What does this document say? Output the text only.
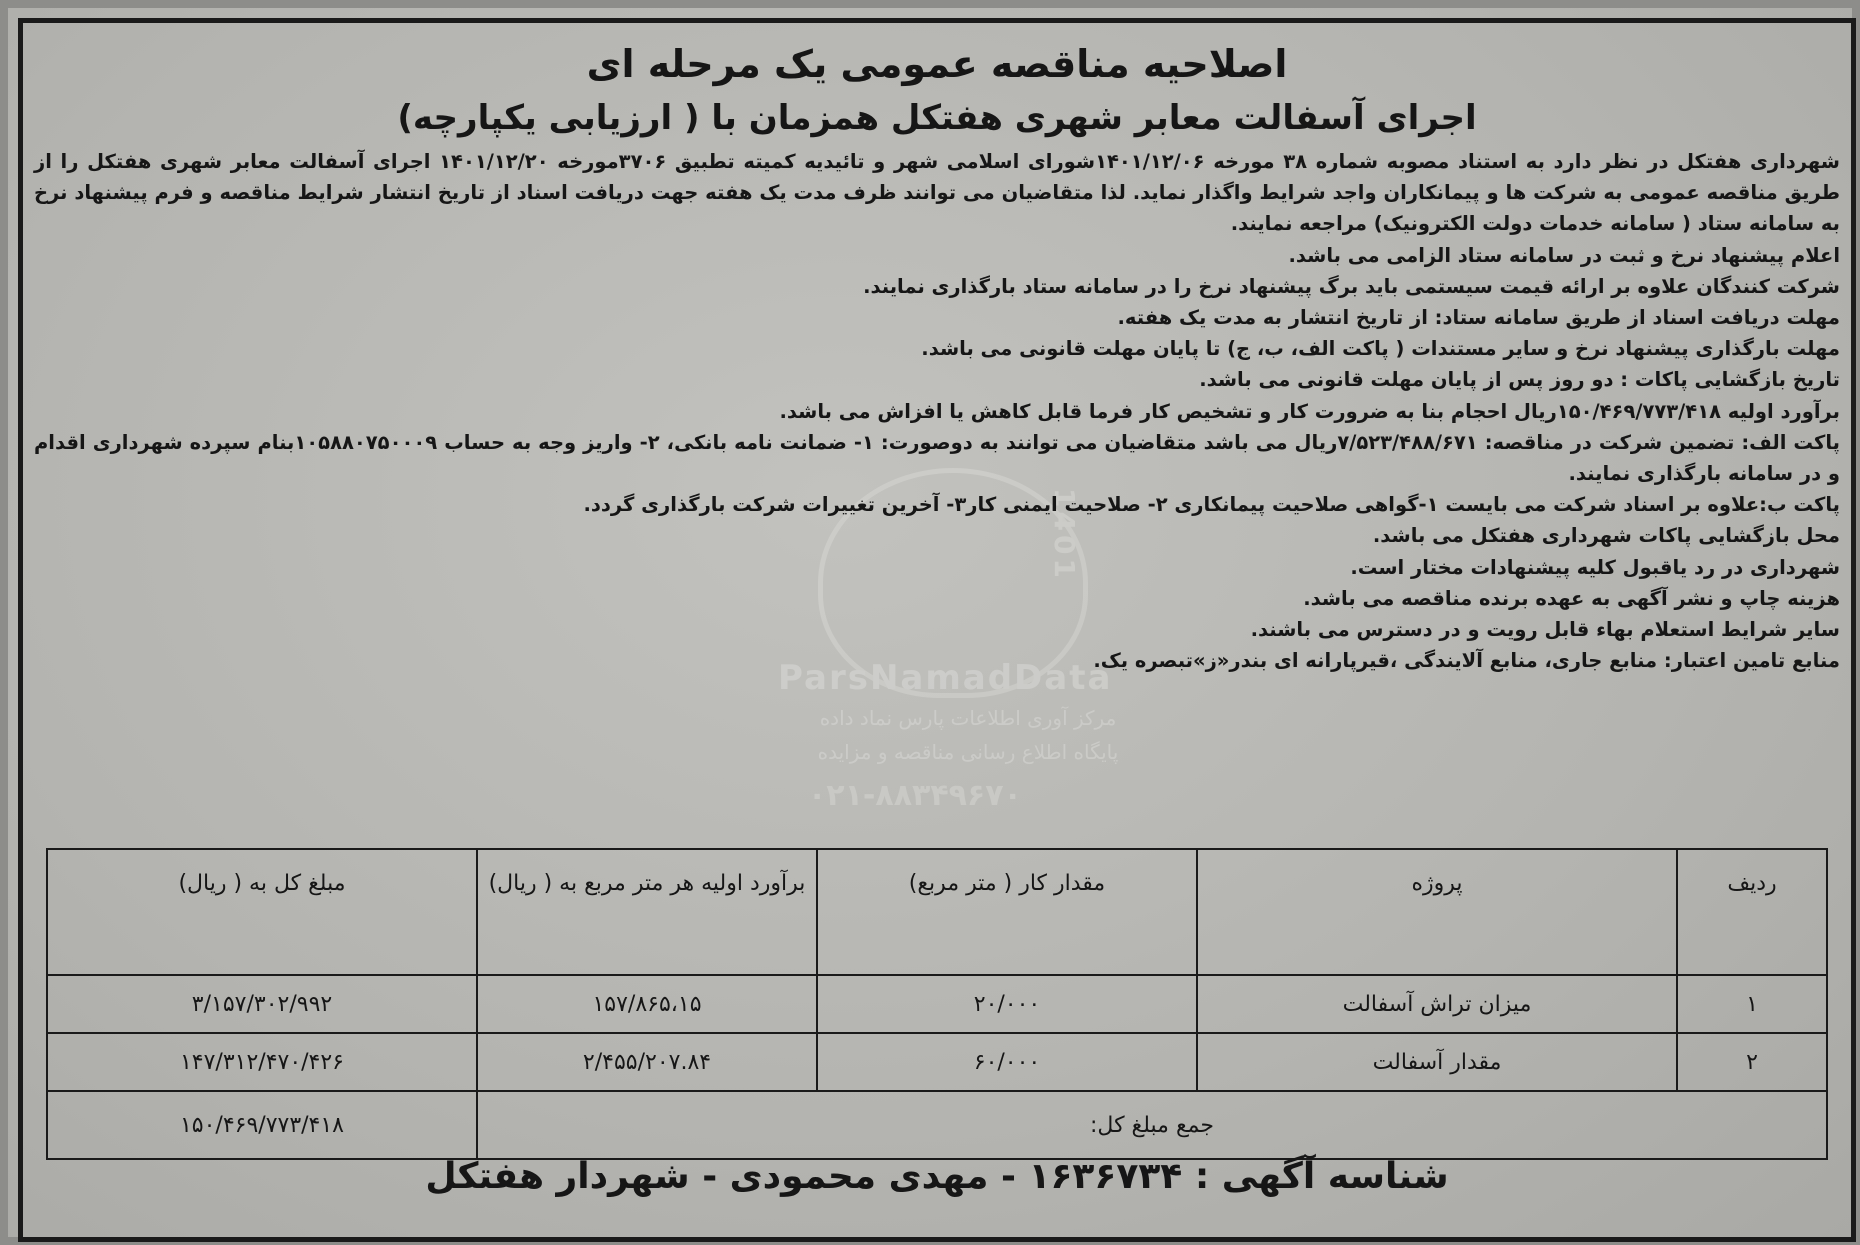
1401
ParsNamadData
مرکز آوری اطلاعات پارس نماد داده
پایگاه اطلاع رسانی مناقصه و مزایده
۰۲۱-۸۸۳۴۹۶۷۰
اصلاحیه مناقصه عمومی یک مرحله ای
اجرای آسفالت معابر شهری هفتکل همزمان با ( ارزیابی یکپارچه)

شهرداری هفتکل در نظر دارد به استناد مصوبه شماره ۳۸ مورخه ۱۴۰۱/۱۲/۰۶شورای اسلامی شهر و تائیدیه کمیته تطبیق ۳۷۰۶مورخه ۱۴۰۱/۱۲/۲۰ اجرای آسفالت معابر شهری هفتکل را از طریق مناقصه عمومی به شرکت ها و پیمانکاران واجد شرایط واگذار نماید. لذا متقاضیان می توانند ظرف مدت یک هفته جهت دریافت اسناد از تاریخ انتشار شرایط مناقصه و فرم پیشنهاد نرخ به سامانه ستاد ( سامانه خدمات دولت الکترونیک) مراجعه نمایند.

اعلام پیشنهاد نرخ و ثبت در سامانه ستاد الزامی می باشد.

شرکت کنندگان علاوه بر ارائه قیمت سیستمی باید برگ پیشنهاد نرخ را در سامانه ستاد بارگذاری نمایند.

مهلت دریافت اسناد از طریق سامانه ستاد: از تاریخ انتشار به مدت یک هفته.

مهلت بارگذاری پیشنهاد نرخ و سایر مستندات ( پاکت الف، ب، ج) تا پایان مهلت قانونی می باشد.

تاریخ بازگشایی پاکات : دو روز پس از پایان مهلت قانونی می باشد.

برآورد اولیه ۱۵۰/۴۶۹/۷۷۳/۴۱۸ریال احجام بنا به ضرورت کار و تشخیص کار فرما قابل کاهش یا افزاش می باشد.

پاکت الف: تضمین شرکت در مناقصه: ۷/۵۲۳/۴۸۸/۶۷۱ریال می باشد متقاضیان می توانند به دوصورت: ۱- ضمانت نامه بانکی، ۲- واریز وجه به حساب ۱۰۵۸۸۰۷۵۰۰۰۹بنام سپرده شهرداری اقدام و در سامانه بارگذاری نمایند.

پاکت ب:علاوه بر اسناد شرکت می بایست ۱-گواهی صلاحیت پیمانکاری ۲- صلاحیت ایمنی کار۳- آخرین تغییرات شرکت بارگذاری گردد.

محل بازگشایی پاکات شهرداری هفتکل می باشد.

شهرداری در رد یاقبول کلیه پیشنهادات مختار است.

هزینه چاپ و نشر آگهی به عهده برنده مناقصه می باشد.

سایر شرایط استعلام بهاء قابل رویت و در دسترس می باشند.

منابع تامین اعتبار: منابع جاری، منابع آلایندگی ،قیرپارانه ای بندر«ز»تبصره یک.

ردیف	پروژه	مقدار کار ( متر مربع)	برآورد اولیه هر متر مربع به ( ریال)	مبلغ کل به ( ریال)
۱	میزان تراش آسفالت	۲۰/۰۰۰	۱۵۷/۸۶۵،۱۵	۳/۱۵۷/۳۰۲/۹۹۲
۲	مقدار آسفالت	۶۰/۰۰۰	۲/۴۵۵/۲۰۷.۸۴	۱۴۷/۳۱۲/۴۷۰/۴۲۶
جمع مبلغ کل:				۱۵۰/۴۶۹/۷۷۳/۴۱۸
شناسه آگهی : ۱۶۳۶۷۳۴ - مهدی محمودی - شهردار هفتکل
